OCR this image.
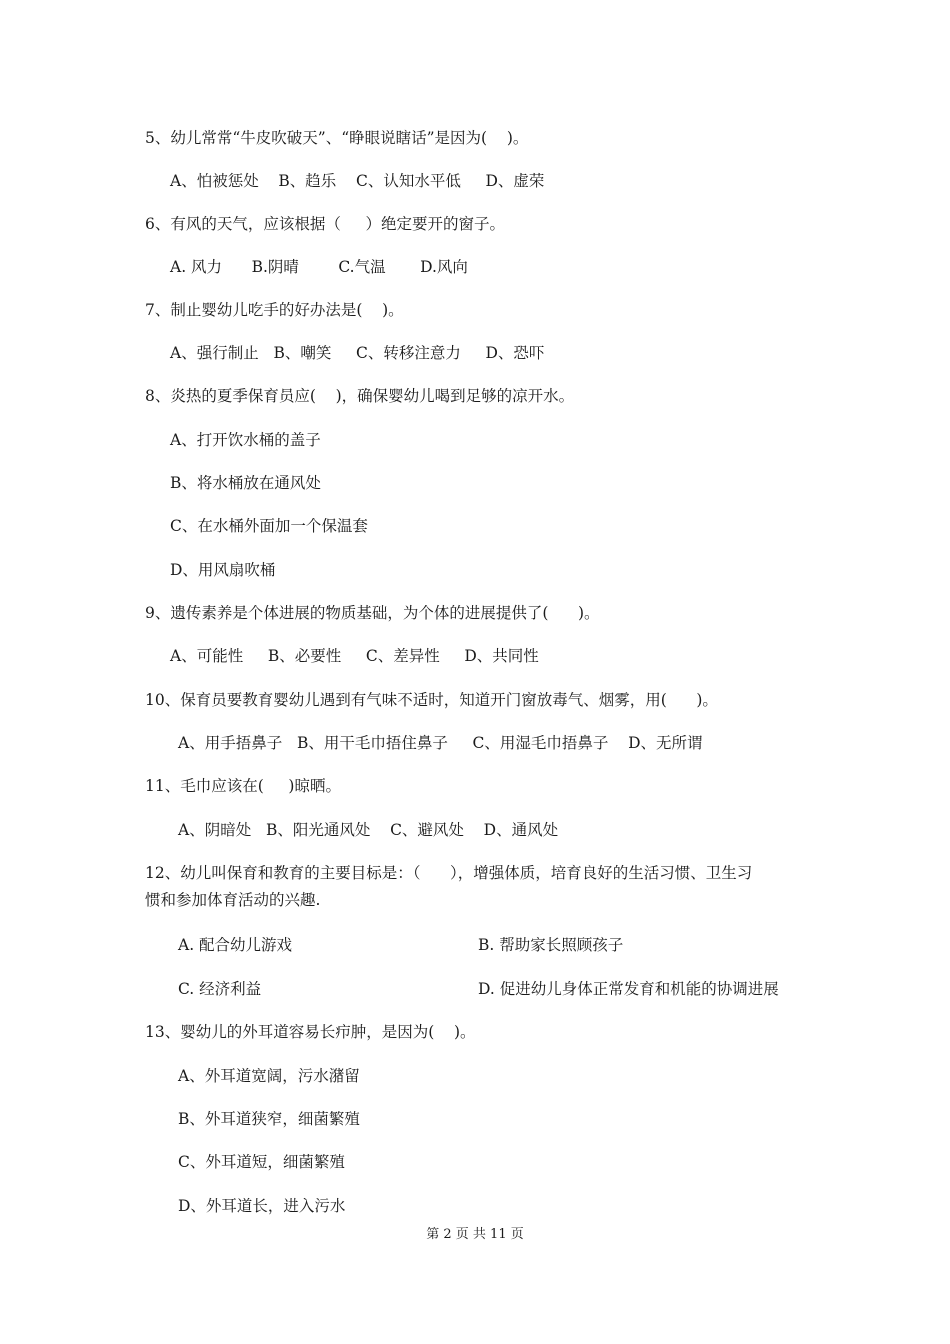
5、幼儿常常“牛皮吹破天”、“睁眼说瞎话”是因为(    )。
A、怕被惩处    B、趋乐    C、认知水平低     D、虚荣
6、有风的天气，应该根据（     ）绝定要开的窗子。
A. 风力      B.阴晴        C.气温       D.风向
7、制止婴幼儿吃手的好办法是(    )。
A、强行制止   B、嘲笑     C、转移注意力     D、恐吓
8、炎热的夏季保育员应(    )，确保婴幼儿喝到足够的凉开水。
A、打开饮水桶的盖子
B、将水桶放在通风处
C、在水桶外面加一个保温套
D、用风扇吹桶
9、遗传素养是个体进展的物质基础，为个体的进展提供了(      )。
A、可能性     B、必要性     C、差异性     D、共同性
10、保育员要教育婴幼儿遇到有气味不适时，知道开门窗放毒气、烟雾，用(      )。
A、用手捂鼻子   B、用干毛巾捂住鼻子     C、用湿毛巾捂鼻子    D、无所谓
11、毛巾应该在(     )晾晒。
A、阴暗处   B、阳光通风处    C、避风处    D、通风处
12、幼儿叫保育和教育的主要目标是：（      ），增强体质，培育良好的生活习惯、卫生习
惯和参加体育活动的兴趣.
A. 配合幼儿游戏	B. 帮助家长照顾孩子
C. 经济利益	D. 促进幼儿身体正常发育和机能的协调进展
13、婴幼儿的外耳道容易长疖肿，是因为(    )。
A、外耳道宽阔，污水潴留
B、外耳道狭窄，细菌繁殖
C、外耳道短，细菌繁殖
D、外耳道长，进入污水
第 2 页 共 11 页
